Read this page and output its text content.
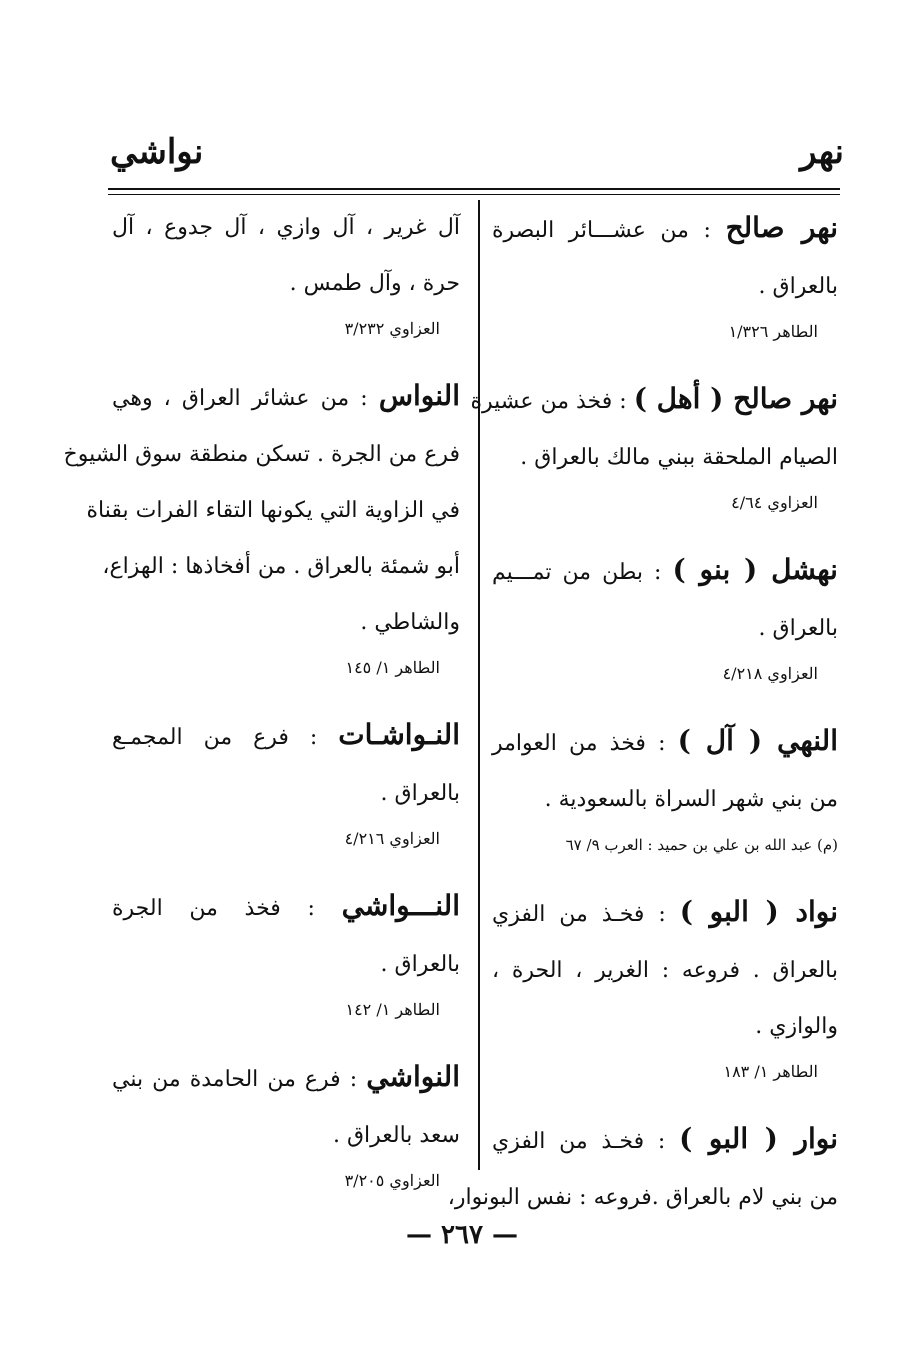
نهر
نواشي
نهر صالح : من عشـــائر البصرة
بالعراق .
الطاهر ١/٣٢٦
نهر صالح ( أهل ) : فخذ من عشيرة
الصيام الملحقة ببني مالك بالعراق .
العزاوي ٤/٦٤
نهشل ( بنو ) : بطن من تمـــيم
بالعراق .
العزاوي ٤/٢١٨
النهي ( آل ) : فخذ من العوامر
من بني شهر السراة بالسعودية .
(م) عبد الله بن علي بن حميد : العرب ٩/ ٦٧
نواد ( البو ) : فخـذ من الفزي
بالعراق . فروعه : الغرير ، الحرة ،
والوازي .
الطاهر ١/ ١٨٣
نوار ( البو ) : فخـذ من الفزي
من بني لام بالعراق .فروعه : نفس البونوار،
آل غرير ، آل وازي ، آل جدوع ، آل
حرة ، وآل طمس .
العزاوي ٣/٢٣٢
النواس : من عشائر العراق ، وهي
فرع من الجرة . تسكن منطقة سوق الشيوخ
في الزاوية التي يكونها التقاء الفرات بقناة
أبو شمئة بالعراق . من أفخاذها : الهزاع،
والشاطي .
الطاهر ١/ ١٤٥
النـواشـات : فرع من المجمـع
بالعراق .
العزاوي ٤/٢١٦
النـــواشي : فخذ من الجرة
بالعراق .
الطاهر ١/ ١٤٢
النواشي : فرع من الحامدة من بني
سعد بالعراق .
العزاوي ٣/٢٠٥
— ٢٦٧ —
